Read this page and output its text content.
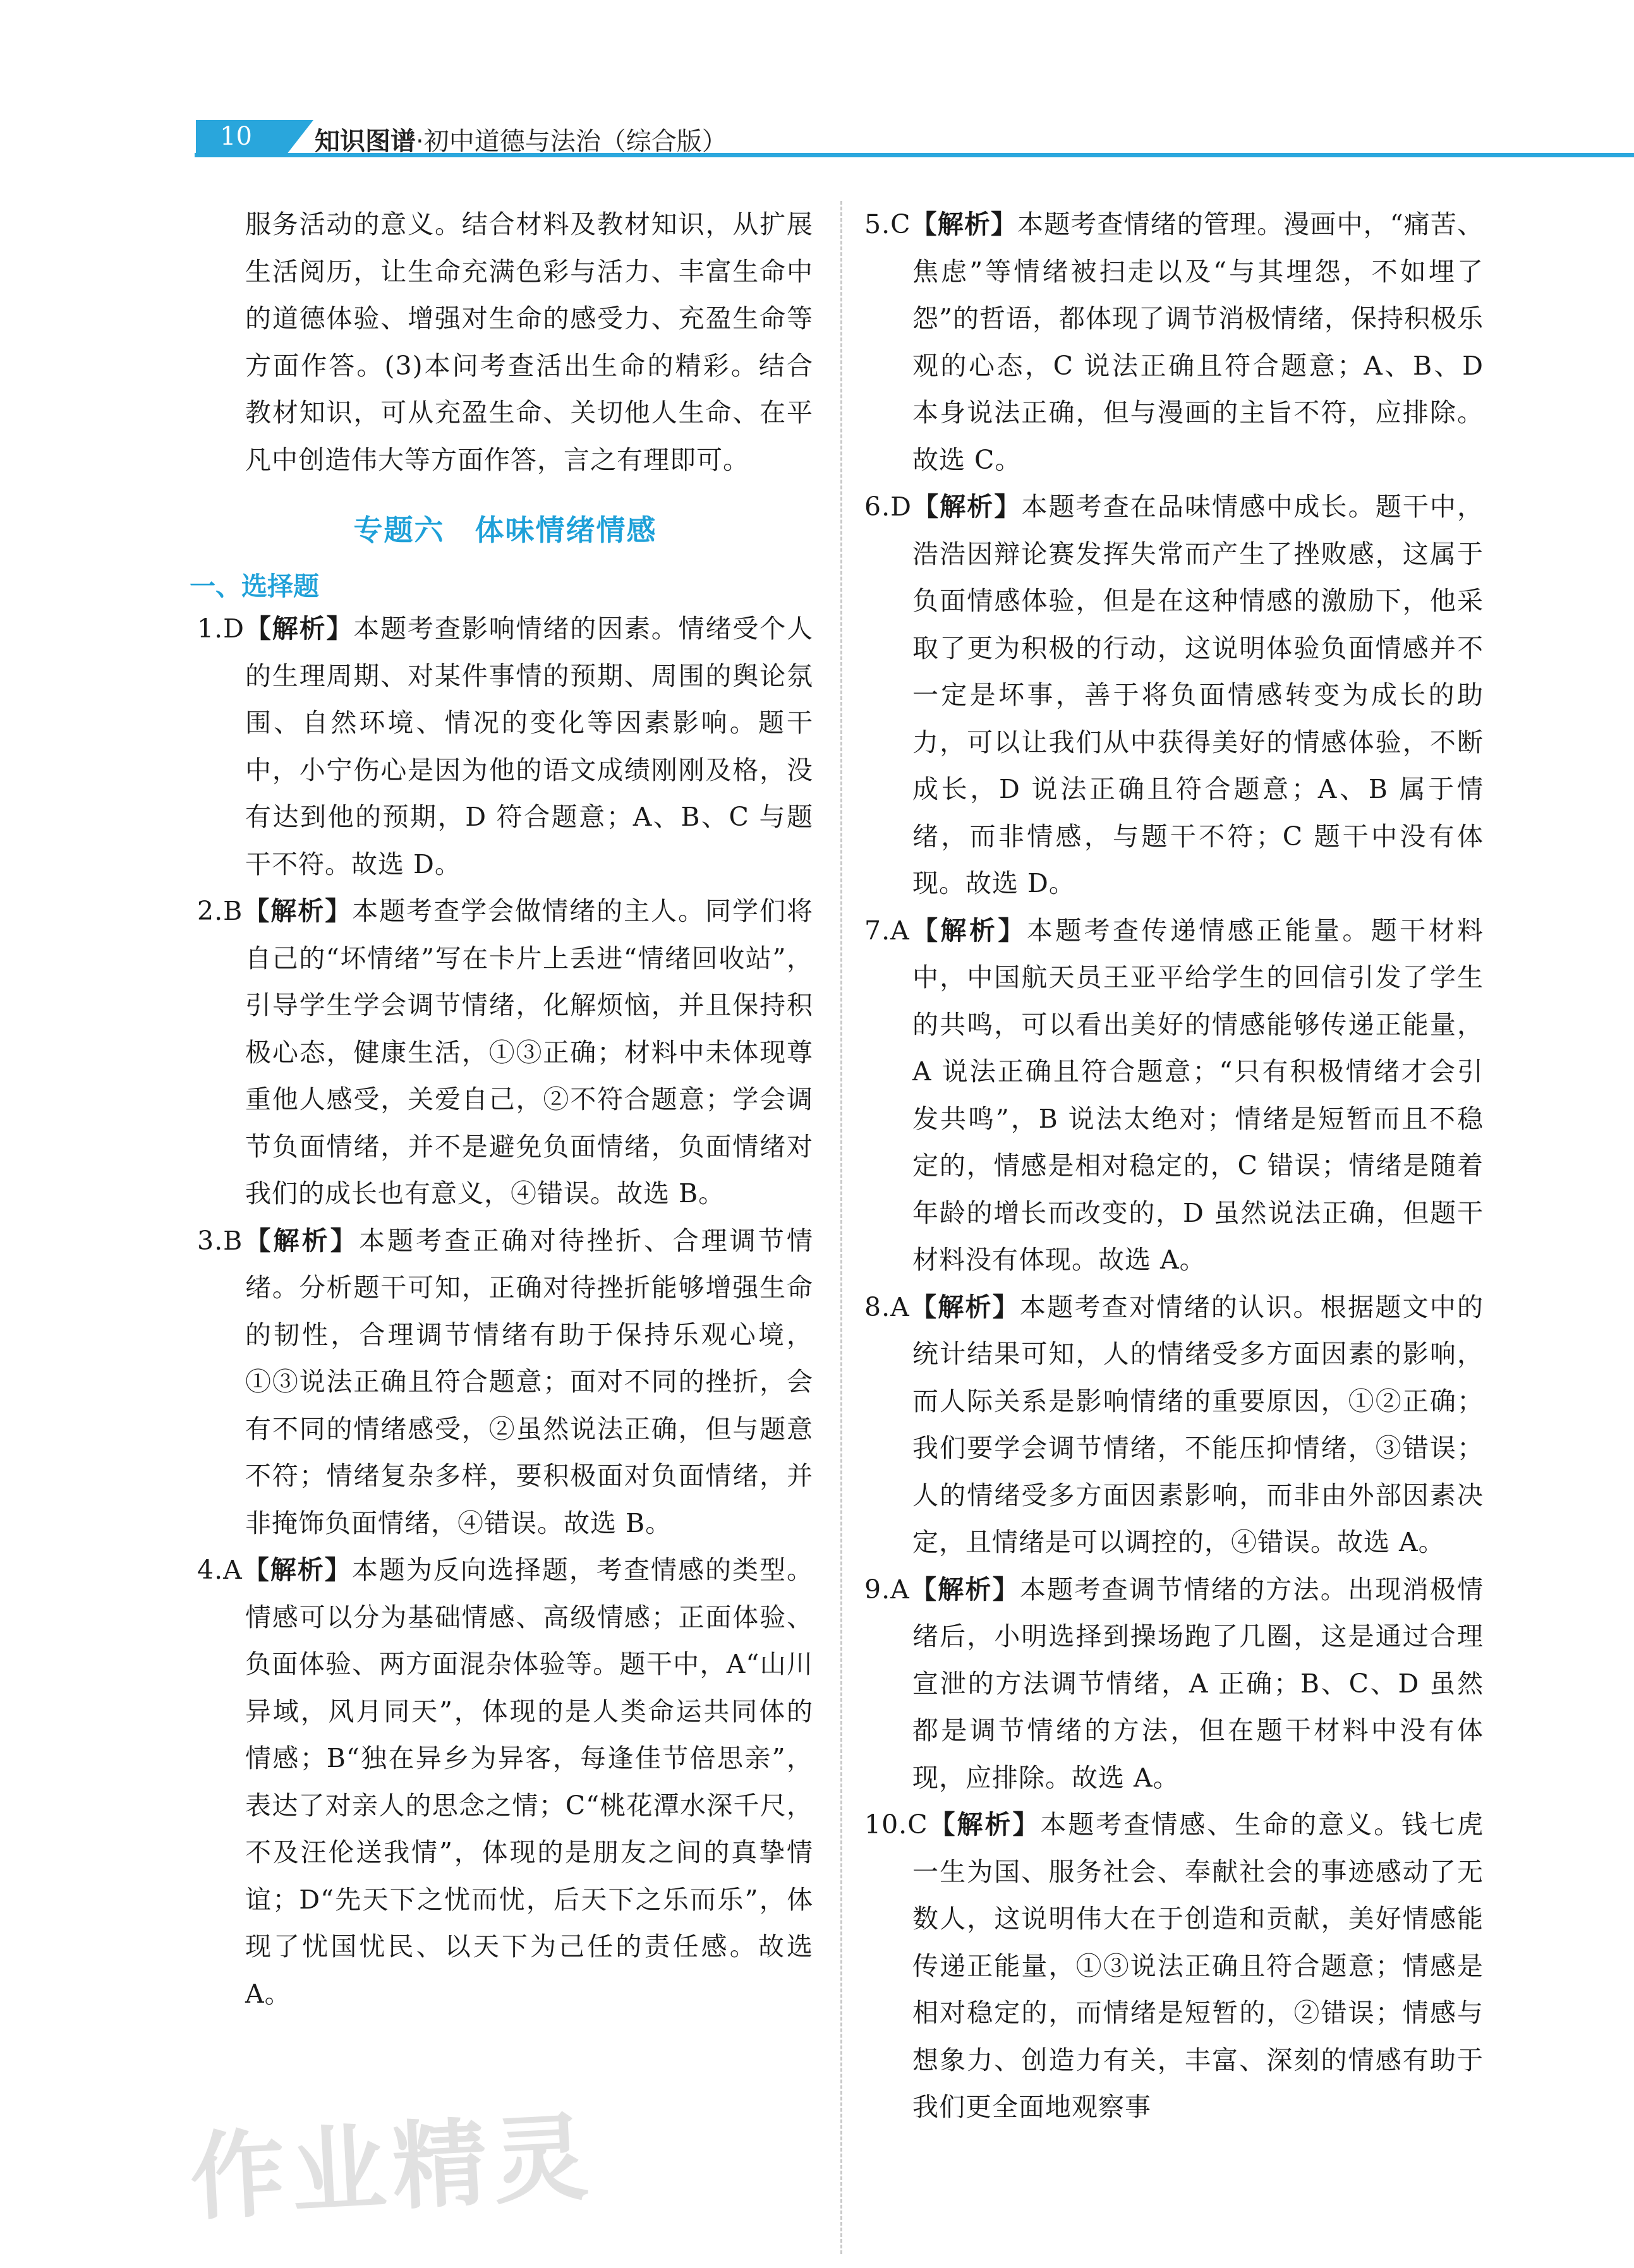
10 知识图谱·初中道德与法治（综合版）

服务活动的意义。结合材料及教材知识，从扩展生活阅历，让生命充满色彩与活力、丰富生命中的道德体验、增强对生命的感受力、充盈生命等方面作答。(3)本问考查活出生命的精彩。结合教材知识，可从充盈生命、关切他人生命、在平凡中创造伟大等方面作答，言之有理即可。

专题六　体味情绪情感
一、选择题

1.D【解析】本题考查影响情绪的因素。情绪受个人的生理周期、对某件事情的预期、周围的舆论氛围、自然环境、情况的变化等因素影响。题干中，小宁伤心是因为他的语文成绩刚刚及格，没有达到他的预期，D 符合题意；A、B、C 与题干不符。故选 D。

2.B【解析】本题考查学会做情绪的主人。同学们将自己的“坏情绪”写在卡片上丢进“情绪回收站”，引导学生学会调节情绪，化解烦恼，并且保持积极心态，健康生活，①③正确；材料中未体现尊重他人感受，关爱自己，②不符合题意；学会调节负面情绪，并不是避免负面情绪，负面情绪对我们的成长也有意义，④错误。故选 B。

3.B【解析】本题考查正确对待挫折、合理调节情绪。分析题干可知，正确对待挫折能够增强生命的韧性，合理调节情绪有助于保持乐观心境，①③说法正确且符合题意；面对不同的挫折，会有不同的情绪感受，②虽然说法正确，但与题意不符；情绪复杂多样，要积极面对负面情绪，并非掩饰负面情绪，④错误。故选 B。

4.A【解析】本题为反向选择题，考查情感的类型。情感可以分为基础情感、高级情感；正面体验、负面体验、两方面混杂体验等。题干中，A“山川异域，风月同天”，体现的是人类命运共同体的情感；B“独在异乡为异客，每逢佳节倍思亲”，表达了对亲人的思念之情；C“桃花潭水深千尺，不及汪伦送我情”，体现的是朋友之间的真挚情谊；D“先天下之忧而忧，后天下之乐而乐”，体现了忧国忧民、以天下为己任的责任感。故选 A。

5.C【解析】本题考查情绪的管理。漫画中，“痛苦、焦虑”等情绪被扫走以及“与其埋怨，不如埋了怨”的哲语，都体现了调节消极情绪，保持积极乐观的心态，C 说法正确且符合题意；A、B、D 本身说法正确，但与漫画的主旨不符，应排除。故选 C。

6.D【解析】本题考查在品味情感中成长。题干中，浩浩因辩论赛发挥失常而产生了挫败感，这属于负面情感体验，但是在这种情感的激励下，他采取了更为积极的行动，这说明体验负面情感并不一定是坏事，善于将负面情感转变为成长的助力，可以让我们从中获得美好的情感体验，不断成长，D 说法正确且符合题意；A、B 属于情绪，而非情感，与题干不符；C 题干中没有体现。故选 D。

7.A【解析】本题考查传递情感正能量。题干材料中，中国航天员王亚平给学生的回信引发了学生的共鸣，可以看出美好的情感能够传递正能量，A 说法正确且符合题意；“只有积极情绪才会引发共鸣”，B 说法太绝对；情绪是短暂而且不稳定的，情感是相对稳定的，C 错误；情绪是随着年龄的增长而改变的，D 虽然说法正确，但题干材料没有体现。故选 A。

8.A【解析】本题考查对情绪的认识。根据题文中的统计结果可知，人的情绪受多方面因素的影响，而人际关系是影响情绪的重要原因，①②正确；我们要学会调节情绪，不能压抑情绪，③错误；人的情绪受多方面因素影响，而非由外部因素决定，且情绪是可以调控的，④错误。故选 A。

9.A【解析】本题考查调节情绪的方法。出现消极情绪后，小明选择到操场跑了几圈，这是通过合理宣泄的方法调节情绪，A 正确；B、C、D 虽然都是调节情绪的方法，但在题干材料中没有体现，应排除。故选 A。

10.C【解析】本题考查情感、生命的意义。钱七虎一生为国、服务社会、奉献社会的事迹感动了无数人，这说明伟大在于创造和贡献，美好情感能传递正能量，①③说法正确且符合题意；情感是相对稳定的，而情绪是短暂的，②错误；情感与想象力、创造力有关，丰富、深刻的情感有助于我们更全面地观察事

作业精灵
